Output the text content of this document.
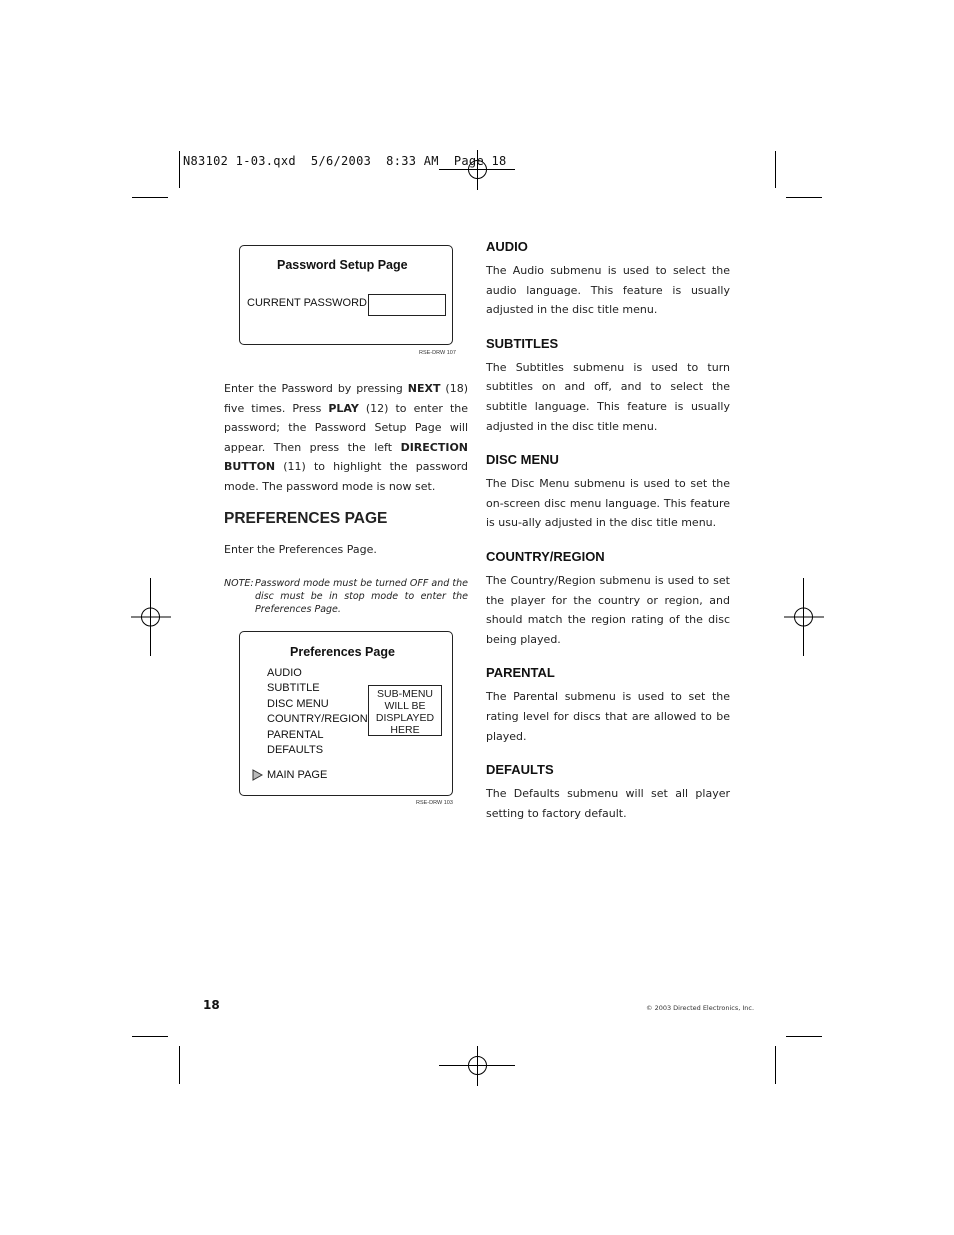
N83102 1-03.qxd  5/6/2003  8:33 AM  Page 18
Password Setup Page
CURRENT PASSWORD
RSE-DRW 107
Enter the Password by pressing NEXT (18) five times. Press PLAY (12) to enter the password; the Password Setup Page will appear. Then press the left DIRECTION BUTTON (11) to highlight the password mode. The password mode is now set.
PREFERENCES PAGE
Enter the Preferences Page.
NOTE: Password mode must be turned OFF and the disc must be in stop mode to enter the Preferences Page.
Preferences Page
AUDIO
SUBTITLE
DISC MENU
COUNTRY/REGION
PARENTAL
DEFAULTS
SUB-MENU
WILL BE
DISPLAYED
HERE
MAIN PAGE
RSE-DRW 103
AUDIO
The Audio submenu is used to select the audio language. This feature is usually adjusted in the disc title menu.
SUBTITLES
The Subtitles submenu is used to turn subtitles on and off, and to select the subtitle language. This feature is usually adjusted in the disc title menu.
DISC MENU
The Disc Menu submenu is used to set the on-screen disc menu language. This feature is usu-ally adjusted in the disc title menu.
COUNTRY/REGION
The Country/Region submenu is used to set the player for the country or region, and should match the region rating of the disc being played.
PARENTAL
The Parental submenu is used to set the rating level for discs that are allowed to be played.
DEFAULTS
The Defaults submenu will set all player setting to factory default.
18	© 2003 Directed Electronics, Inc.
